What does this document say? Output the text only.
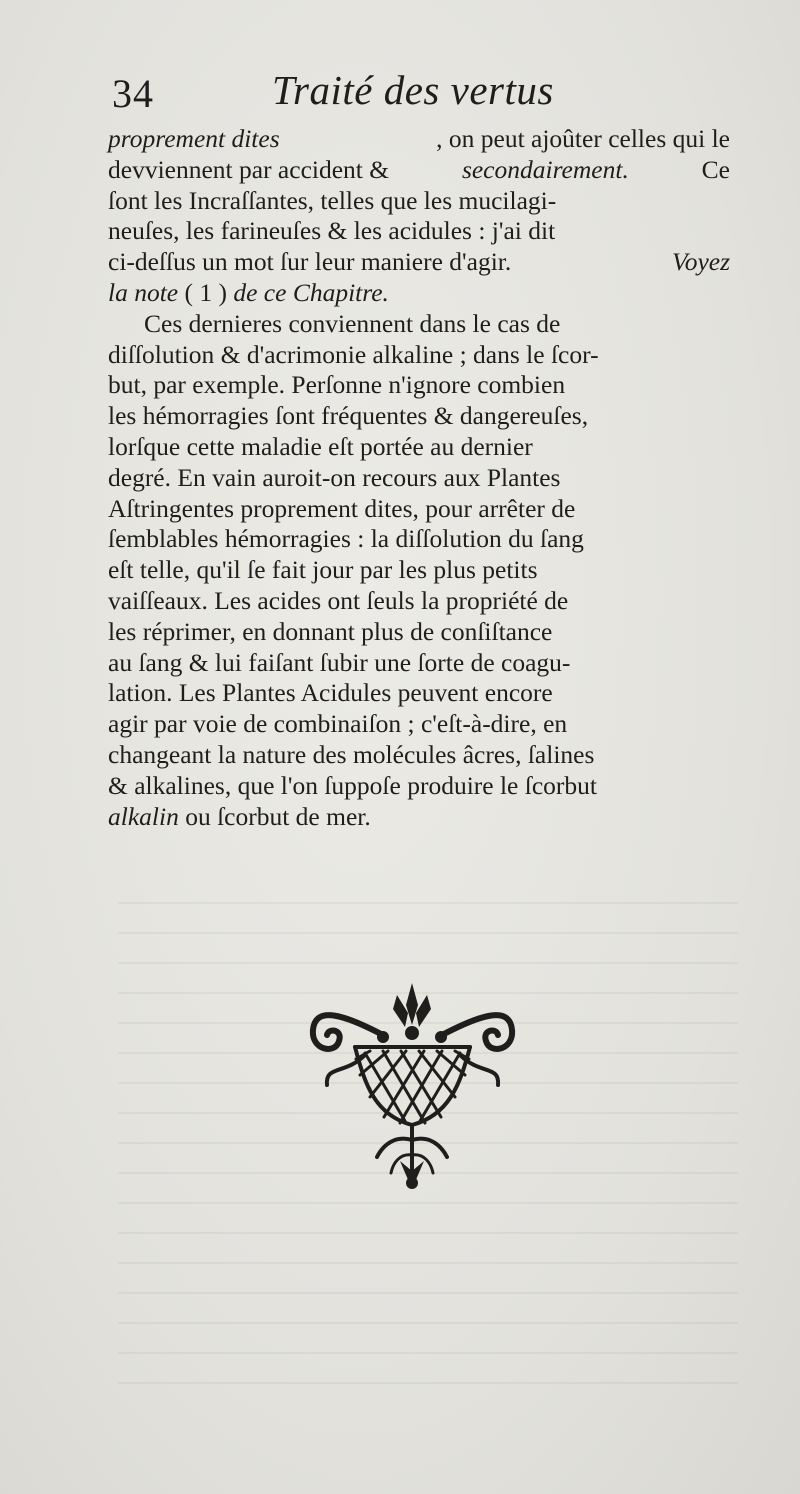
34	Traité des vertus
proprement dites	, on peut ajoûter celles qui le
devviennent par accident &	secondairement.	Ce
ſont les Incraſſantes, telles que les mucilagi-
neuſes, les farineuſes & les acidules : j'ai dit
ci-deſſus un mot ſur leur maniere d'agir.	Voyez
la note ( 1 ) de ce Chapitre.
Ces dernieres conviennent dans le cas de
diſſolution & d'acrimonie alkaline ; dans le ſcor-
but, par exemple. Perſonne n'ignore combien
les hémorragies ſont fréquentes & dangereuſes,
lorſque cette maladie eſt portée au dernier
degré. En vain auroit-on recours aux Plantes
Aſtringentes proprement dites, pour arrêter de
ſemblables hémorragies : la diſſolution du ſang
eſt telle, qu'il ſe fait jour par les plus petits
vaiſſeaux. Les acides ont ſeuls la propriété de
les réprimer, en donnant plus de conſiſtance
au ſang & lui faiſant ſubir une ſorte de coagu-
lation. Les Plantes Acidules peuvent encore
agir par voie de combinaiſon ; c'eſt-à-dire, en
changeant la nature des molécules âcres, ſalines
& alkalines, que l'on ſuppoſe produire le ſcorbut
alkalin ou ſcorbut de mer.
